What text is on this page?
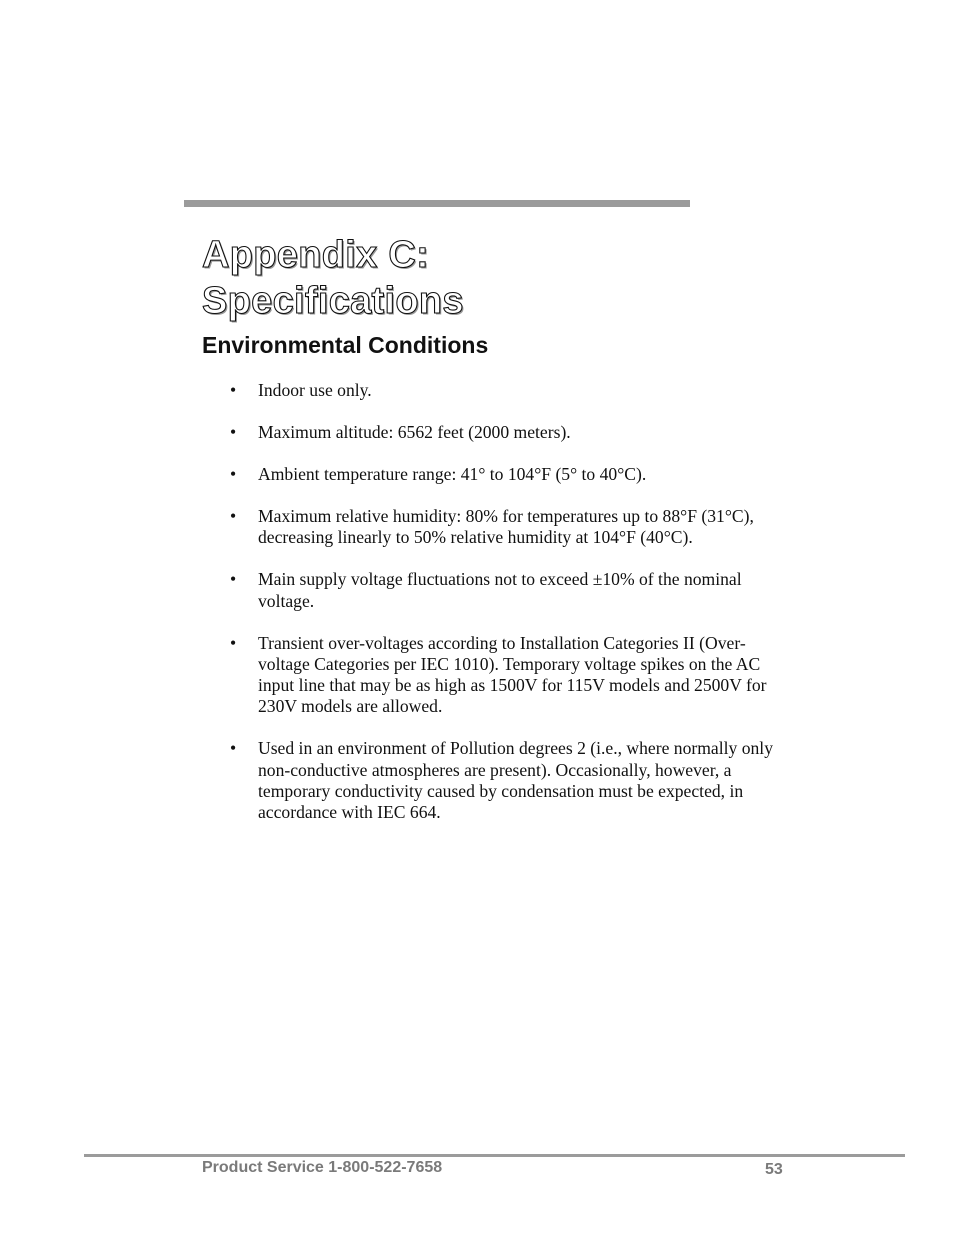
Appendix C:
Specifications
Environmental Conditions
• Indoor use only.
• Maximum altitude: 6562 feet (2000 meters).
• Ambient temperature range: 41° to 104°F (5° to 40°C).
• Maximum relative humidity: 80% for temperatures up to 88°F (31°C), decreasing linearly to 50% relative humidity at 104°F (40°C).
• Main supply voltage fluctuations not to exceed ±10% of the nominal voltage.
• Transient over-voltages according to Installation Categories II (Over-voltage Categories per IEC 1010). Temporary voltage spikes on the AC input line that may be as high as 1500V for 115V models and 2500V for 230V models are allowed.
• Used in an environment of Pollution degrees 2 (i.e., where normally only non-conductive atmospheres are present). Occasionally, however, a temporary conductivity caused by condensation must be expected, in accordance with IEC 664.
Product Service 1-800-522-7658	53
